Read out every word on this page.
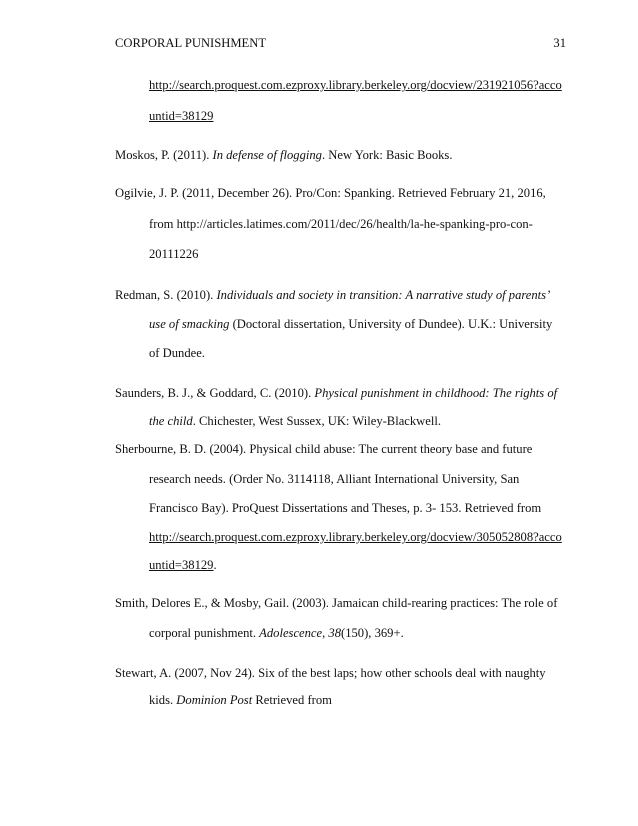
CORPORAL PUNISHMENT	31
http://search.proquest.com.ezproxy.library.berkeley.org/docview/231921056?acco
untid=38129
Moskos, P. (2011). In defense of flogging. New York: Basic Books.
Ogilvie, J. P. (2011, December 26). Pro/Con: Spanking. Retrieved February 21, 2016,
from http://articles.latimes.com/2011/dec/26/health/la-he-spanking-pro-con-
20111226
Redman, S. (2010). Individuals and society in transition: A narrative study of parents’
use of smacking (Doctoral dissertation, University of Dundee). U.K.: University
of Dundee.
Saunders, B. J., & Goddard, C. (2010). Physical punishment in childhood: The rights of
the child. Chichester, West Sussex, UK: Wiley-Blackwell.
Sherbourne, B. D. (2004). Physical child abuse: The current theory base and future
research needs. (Order No. 3114118, Alliant International University, San
Francisco Bay). ProQuest Dissertations and Theses, p. 3- 153. Retrieved from
http://search.proquest.com.ezproxy.library.berkeley.org/docview/305052808?acco
untid=38129.
Smith, Delores E., & Mosby, Gail. (2003). Jamaican child-rearing practices: The role of
corporal punishment. Adolescence, 38(150), 369+.
Stewart, A. (2007, Nov 24). Six of the best laps; how other schools deal with naughty
kids. Dominion Post Retrieved from
